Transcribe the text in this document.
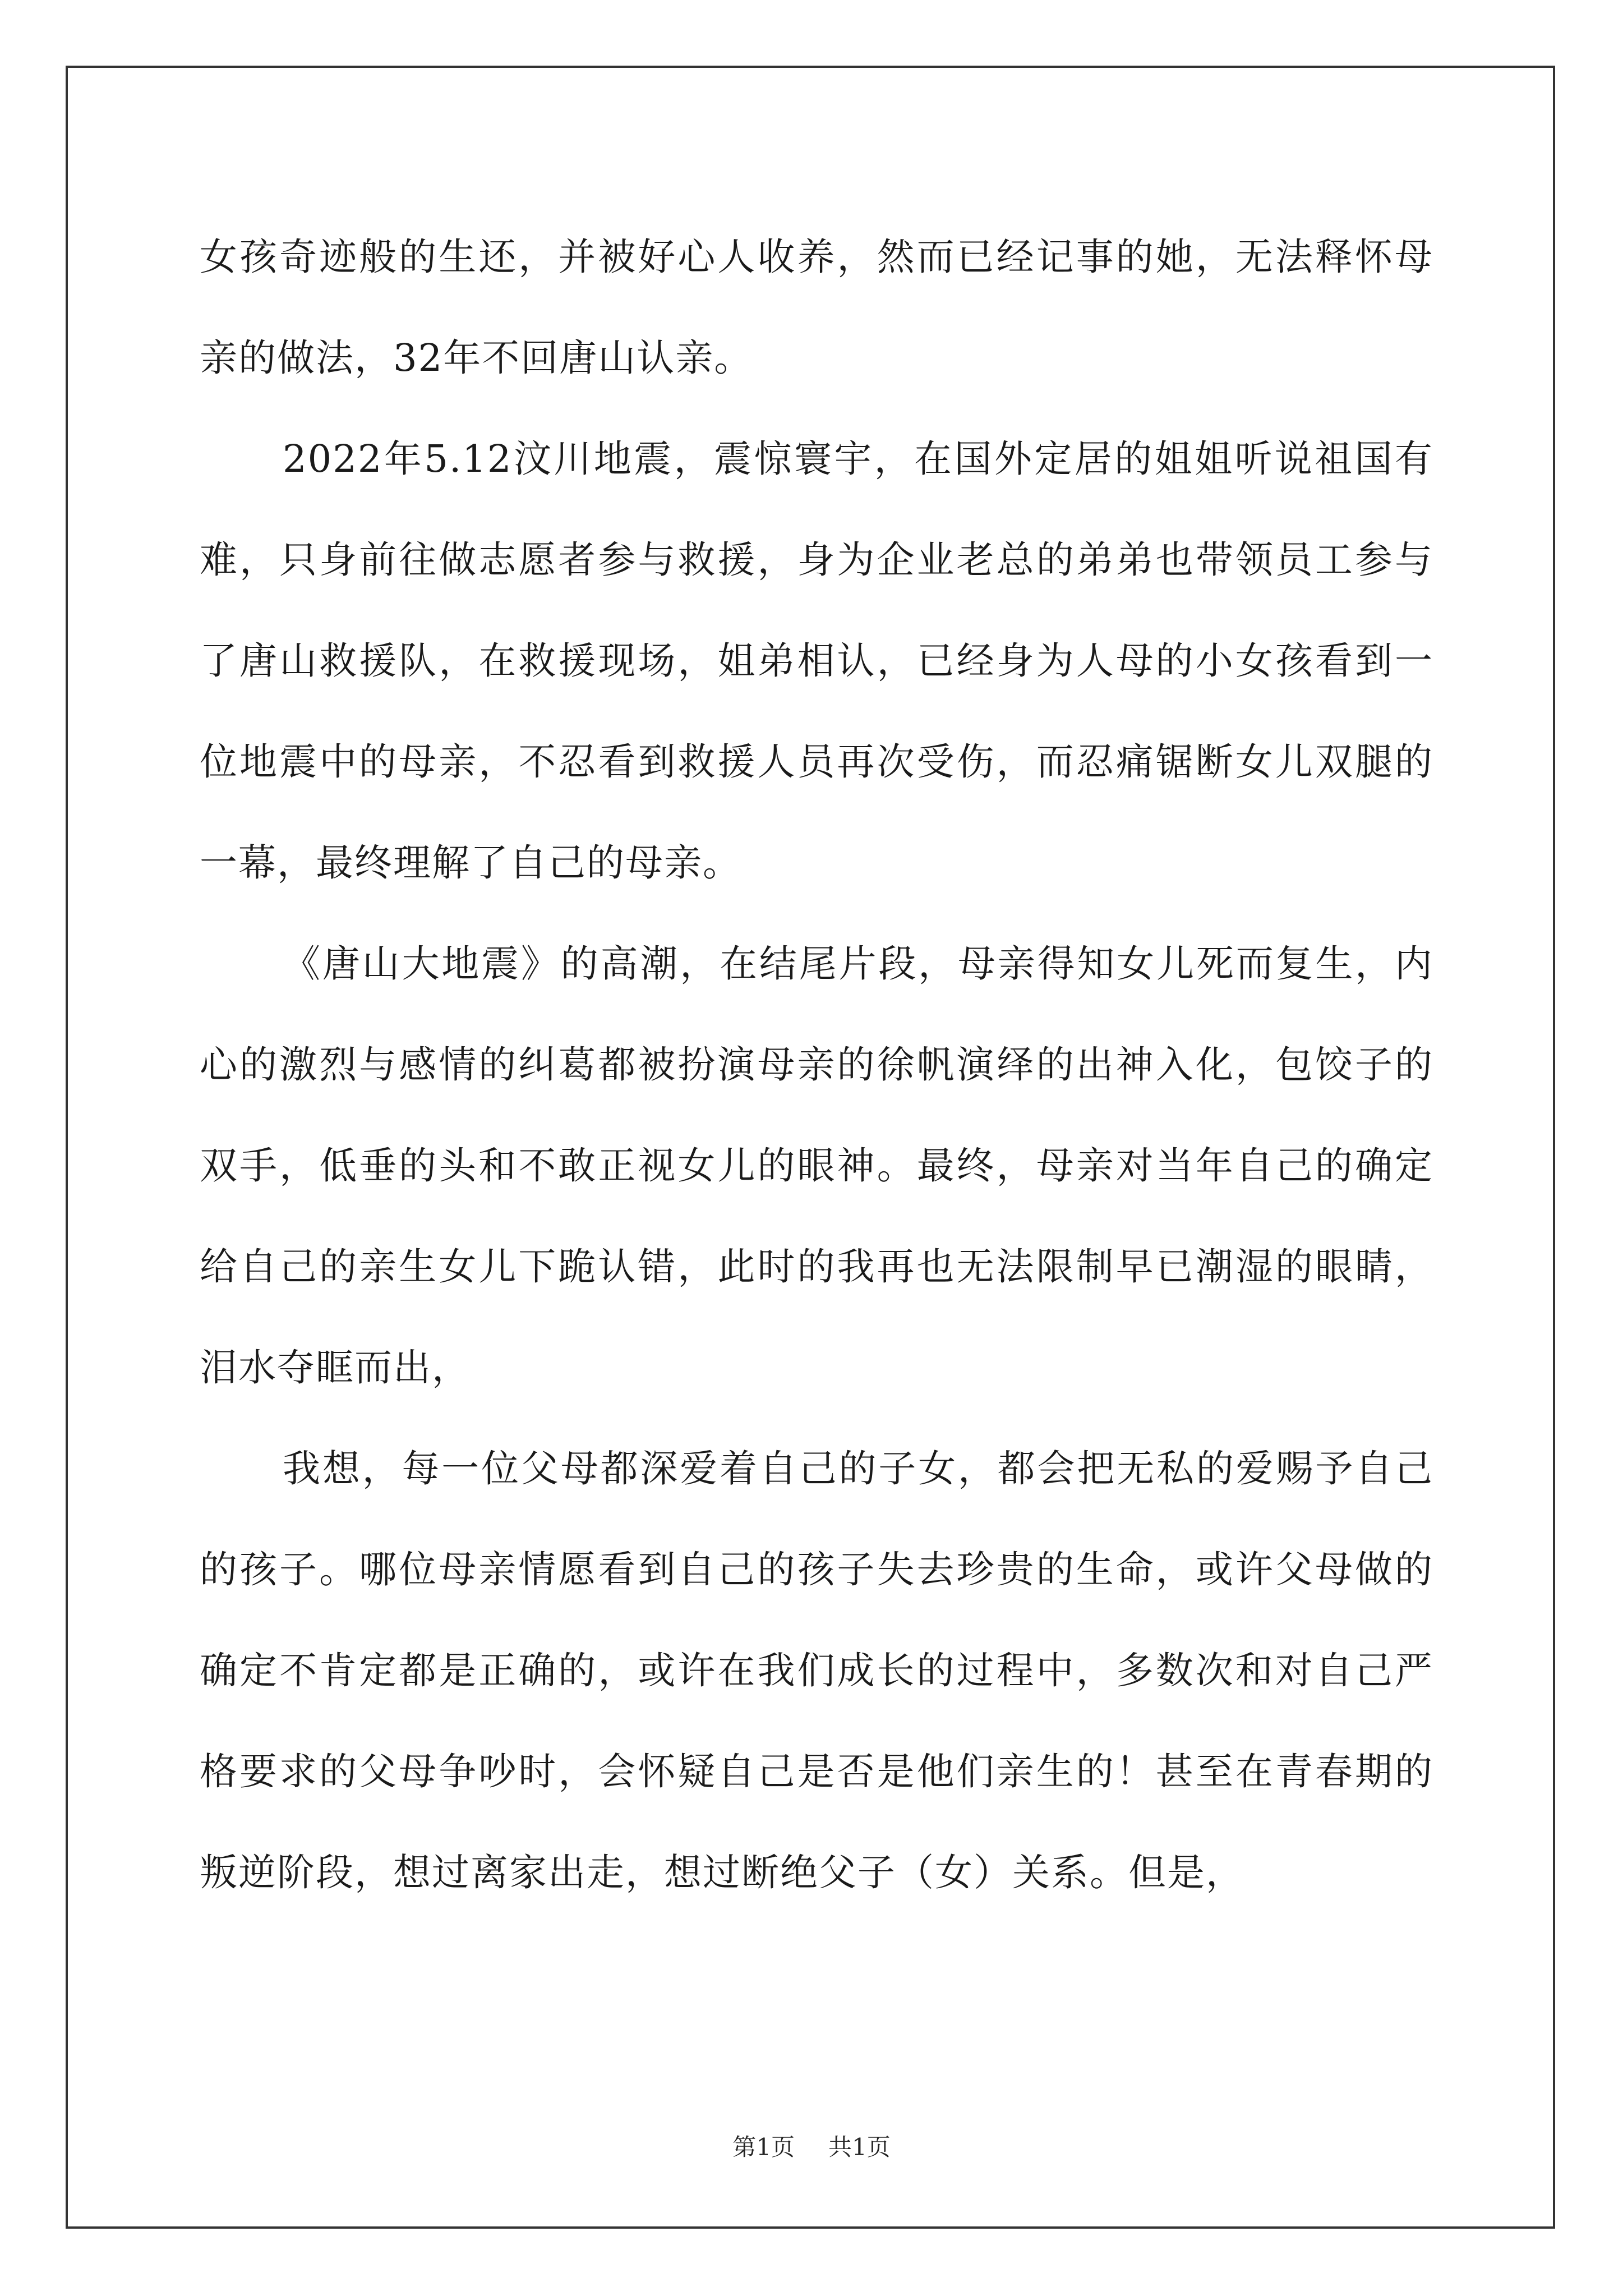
女孩奇迹般的生还，并被好心人收养，然而已经记事的她，无法释怀母亲的做法，32年不回唐山认亲。

2022年5.12汶川地震，震惊寰宇，在国外定居的姐姐听说祖国有难，只身前往做志愿者参与救援，身为企业老总的弟弟也带领员工参与了唐山救援队，在救援现场，姐弟相认，已经身为人母的小女孩看到一位地震中的母亲，不忍看到救援人员再次受伤，而忍痛锯断女儿双腿的一幕，最终理解了自己的母亲。

《唐山大地震》的高潮，在结尾片段，母亲得知女儿死而复生，内心的激烈与感情的纠葛都被扮演母亲的徐帆演绎的出神入化，包饺子的双手，低垂的头和不敢正视女儿的眼神。最终，母亲对当年自己的确定给自己的亲生女儿下跪认错，此时的我再也无法限制早已潮湿的眼睛，泪水夺眶而出，

我想，每一位父母都深爱着自己的子女，都会把无私的爱赐予自己的孩子。哪位母亲情愿看到自己的孩子失去珍贵的生命，或许父母做的确定不肯定都是正确的，或许在我们成长的过程中，多数次和对自己严格要求的父母争吵时，会怀疑自己是否是他们亲生的！甚至在青春期的叛逆阶段，想过离家出走，想过断绝父子（女）关系。但是，

第1页 共1页
